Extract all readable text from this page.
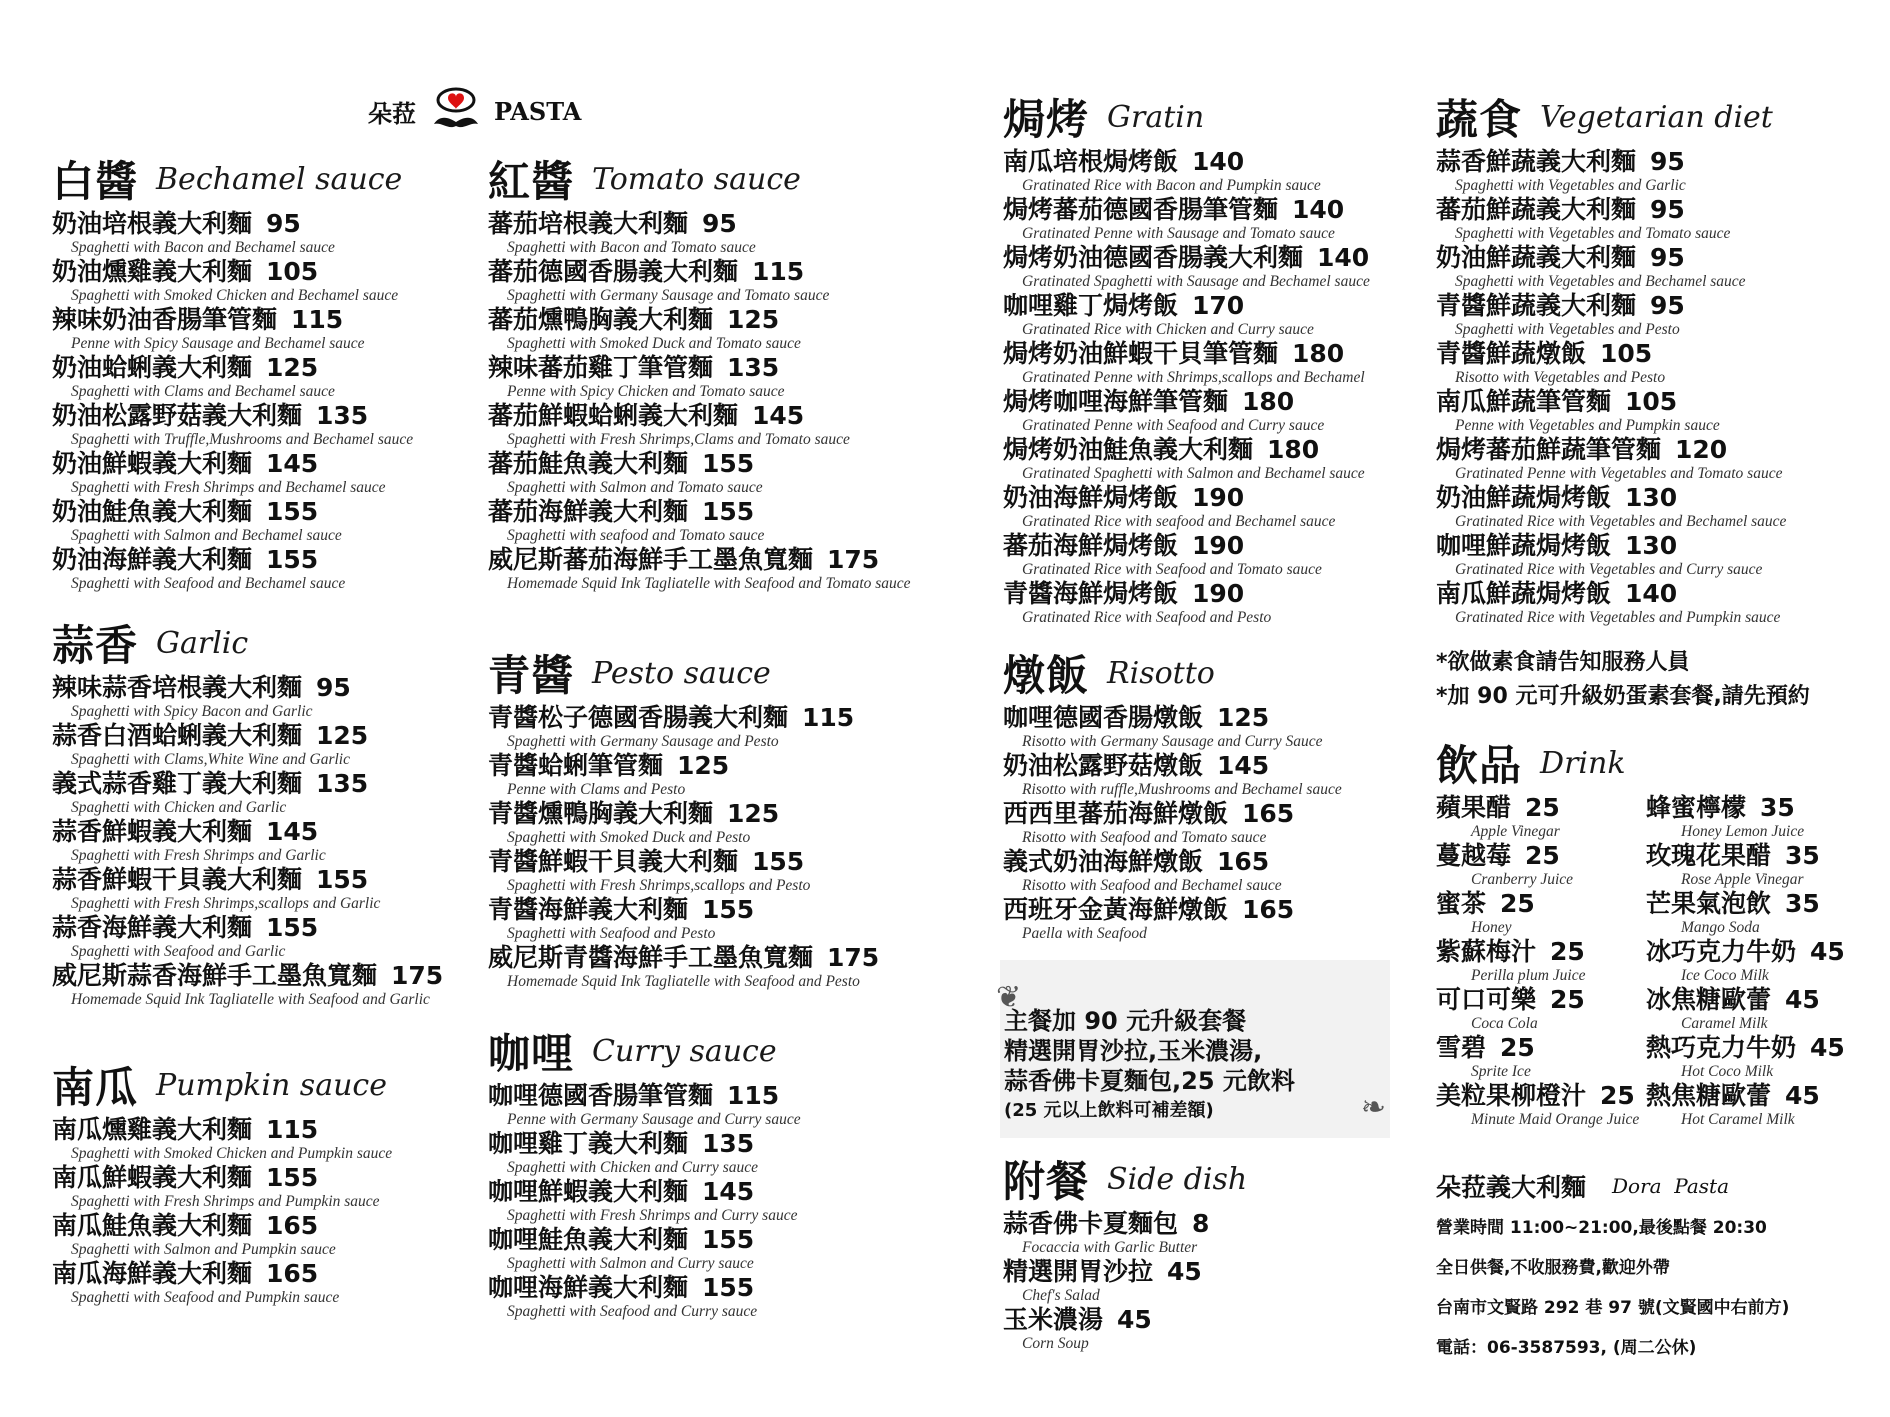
朵菈	PASTA
白醬 Bechamel sauce
奶油培根義大利麵 95
Spaghetti with Bacon and Bechamel sauce
奶油燻雞義大利麵 105
Spaghetti with Smoked Chicken and Bechamel sauce
辣味奶油香腸筆管麵 115
Penne with Spicy Sausage and Bechamel sauce
奶油蛤蜊義大利麵 125
Spaghetti with Clams and Bechamel sauce
奶油松露野菇義大利麵 135
Spaghetti with Truffle,Mushrooms and Bechamel sauce
奶油鮮蝦義大利麵 145
Spaghetti with Fresh Shrimps and Bechamel sauce
奶油鮭魚義大利麵 155
Spaghetti with Salmon and Bechamel sauce
奶油海鮮義大利麵 155
Spaghetti with Seafood and Bechamel sauce
蒜香 Garlic
辣味蒜香培根義大利麵 95
Spaghetti with Spicy Bacon and Garlic
蒜香白酒蛤蜊義大利麵 125
Spaghetti with Clams,White Wine and Garlic
義式蒜香雞丁義大利麵 135
Spaghetti with Chicken and Garlic
蒜香鮮蝦義大利麵 145
Spaghetti with Fresh Shrimps and Garlic
蒜香鮮蝦干貝義大利麵 155
Spaghetti with Fresh Shrimps,scallops and Garlic
蒜香海鮮義大利麵 155
Spaghetti with Seafood and Garlic
威尼斯蒜香海鮮手工墨魚寬麵 175
Homemade Squid Ink Tagliatelle with Seafood and Garlic
南瓜 Pumpkin sauce
南瓜燻雞義大利麵 115
Spaghetti with Smoked Chicken and Pumpkin sauce
南瓜鮮蝦義大利麵 155
Spaghetti with Fresh Shrimps and Pumpkin sauce
南瓜鮭魚義大利麵 165
Spaghetti with Salmon and Pumpkin sauce
南瓜海鮮義大利麵 165
Spaghetti with Seafood and Pumpkin sauce
紅醬 Tomato sauce
蕃茄培根義大利麵 95
Spaghetti with Bacon and Tomato sauce
蕃茄德國香腸義大利麵 115
Spaghetti with Germany Sausage and Tomato sauce
蕃茄燻鴨胸義大利麵 125
Spaghetti with Smoked Duck and Tomato sauce
辣味蕃茄雞丁筆管麵 135
Penne with Spicy Chicken and Tomato sauce
蕃茄鮮蝦蛤蜊義大利麵 145
Spaghetti with Fresh Shrimps,Clams and Tomato sauce
蕃茄鮭魚義大利麵 155
Spaghetti with Salmon and Tomato sauce
蕃茄海鮮義大利麵 155
Spaghetti with seafood and Tomato sauce
威尼斯蕃茄海鮮手工墨魚寬麵 175
Homemade Squid Ink Tagliatelle with Seafood and Tomato sauce
青醬 Pesto sauce
青醬松子德國香腸義大利麵 115
Spaghetti with Germany Sausage and Pesto
青醬蛤蜊筆管麵 125
Penne with Clams and Pesto
青醬燻鴨胸義大利麵 125
Spaghetti with Smoked Duck and Pesto
青醬鮮蝦干貝義大利麵 155
Spaghetti with Fresh Shrimps,scallops and Pesto
青醬海鮮義大利麵 155
Spaghetti with Seafood and Pesto
威尼斯青醬海鮮手工墨魚寬麵 175
Homemade Squid Ink Tagliatelle with Seafood and Pesto
咖哩 Curry sauce
咖哩德國香腸筆管麵 115
Penne with Germany Sausage and Curry sauce
咖哩雞丁義大利麵 135
Spaghetti with Chicken and Curry sauce
咖哩鮮蝦義大利麵 145
Spaghetti with Fresh Shrimps and Curry sauce
咖哩鮭魚義大利麵 155
Spaghetti with Salmon and Curry sauce
咖哩海鮮義大利麵 155
Spaghetti with Seafood and Curry sauce
焗烤 Gratin
南瓜培根焗烤飯 140
Gratinated Rice with Bacon and Pumpkin sauce
焗烤蕃茄德國香腸筆管麵 140
Gratinated Penne with Sausage and Tomato sauce
焗烤奶油德國香腸義大利麵 140
Gratinated Spaghetti with Sausage and Bechamel sauce
咖哩雞丁焗烤飯 170
Gratinated Rice with Chicken and Curry sauce
焗烤奶油鮮蝦干貝筆管麵 180
Gratinated Penne with Shrimps,scallops and Bechamel
焗烤咖哩海鮮筆管麵 180
Gratinated Penne with Seafood and Curry sauce
焗烤奶油鮭魚義大利麵 180
Gratinated Spaghetti with Salmon and Bechamel sauce
奶油海鮮焗烤飯 190
Gratinated Rice with seafood and Bechamel sauce
蕃茄海鮮焗烤飯 190
Gratinated Rice with Seafood and Tomato sauce
青醬海鮮焗烤飯 190
Gratinated Rice with Seafood and Pesto
燉飯 Risotto
咖哩德國香腸燉飯 125
Risotto with Germany Sausage and Curry Sauce
奶油松露野菇燉飯 145
Risotto with ruffle,Mushrooms and Bechamel sauce
西西里蕃茄海鮮燉飯 165
Risotto with Seafood and Tomato sauce
義式奶油海鮮燉飯 165
Risotto with Seafood and Bechamel sauce
西班牙金黃海鮮燉飯 165
Paella with Seafood
附餐 Side dish
蒜香佛卡夏麵包 8
Focaccia with Garlic Butter
精選開胃沙拉 45
Chef's Salad
玉米濃湯 45
Corn Soup
❦
❧
主餐加 90 元升級套餐
精選開胃沙拉,玉米濃湯,
蒜香佛卡夏麵包,25 元飲料
(25 元以上飲料可補差額)
蔬食 Vegetarian diet
蒜香鮮蔬義大利麵 95
Spaghetti with Vegetables and Garlic
蕃茄鮮蔬義大利麵 95
Spaghetti with Vegetables and Tomato sauce
奶油鮮蔬義大利麵 95
Spaghetti with Vegetables and Bechamel sauce
青醬鮮蔬義大利麵 95
Spaghetti with Vegetables and Pesto
青醬鮮蔬燉飯 105
Risotto with Vegetables and Pesto
南瓜鮮蔬筆管麵 105
Penne with Vegetables and Pumpkin sauce
焗烤蕃茄鮮蔬筆管麵 120
Gratinated Penne with Vegetables and Tomato sauce
奶油鮮蔬焗烤飯 130
Gratinated Rice with Vegetables and Bechamel sauce
咖哩鮮蔬焗烤飯 130
Gratinated Rice with Vegetables and Curry sauce
南瓜鮮蔬焗烤飯 140
Gratinated Rice with Vegetables and Pumpkin sauce
*欲做素食請告知服務人員
*加 90 元可升級奶蛋素套餐,請先預約
飲品 Drink
蘋果醋 25
Apple Vinegar
蜂蜜檸檬 35
Honey Lemon Juice
蔓越莓 25
Cranberry Juice
玫瑰花果醋 35
Rose Apple Vinegar
蜜茶 25
Honey
芒果氣泡飲 35
Mango Soda
紫蘇梅汁 25
Perilla plum Juice
冰巧克力牛奶 45
Ice Coco Milk
可口可樂 25
Coca Cola
冰焦糖歐蕾 45
Caramel Milk
雪碧 25
Sprite Ice
熱巧克力牛奶 45
Hot Coco Milk
美粒果柳橙汁 25
Minute Maid Orange Juice
熱焦糖歐蕾 45
Hot Caramel Milk
朵菈義大利麵 Dora  Pasta
營業時間 11:00~21:00,最後點餐 20:30
全日供餐,不收服務費,歡迎外帶
台南市文賢路 292 巷 97 號(文賢國中右前方)
電話：06-3587593, (周二公休)
